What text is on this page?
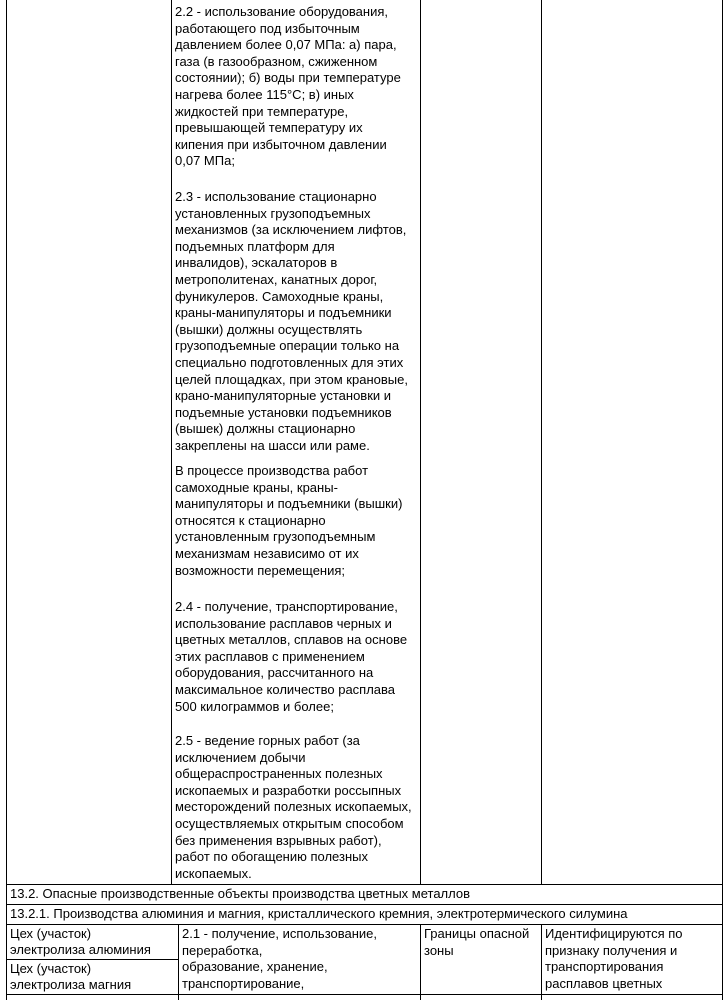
2.2 - использование оборудования,
работающего под избыточным
давлением более 0,07 МПа: а) пара,
газа (в газообразном, сжиженном
состоянии); б) воды при температуре
нагрева более 115°С; в) иных
жидкостей при температуре,
превышающей температуру их
кипения при избыточном давлении
0,07 МПа;
2.3 - использование стационарно
установленных грузоподъемных
механизмов (за исключением лифтов,
подъемных платформ для
инвалидов), эскалаторов в
метрополитенах, канатных дорог,
фуникулеров. Самоходные краны,
краны-манипуляторы и подъемники
(вышки) должны осуществлять
грузоподъемные операции только на
специально подготовленных для этих
целей площадках, при этом крановые,
крано-манипуляторные установки и
подъемные установки подъемников
(вышек) должны стационарно
закреплены на шасси или раме.
В процессе производства работ
самоходные краны, краны-
манипуляторы и подъемники (вышки)
относятся к стационарно
установленным грузоподъемным
механизмам независимо от их
возможности перемещения;
2.4 - получение, транспортирование,
использование расплавов черных и
цветных металлов, сплавов на основе
этих расплавов с применением
оборудования, рассчитанного на
максимальное количество расплава
500 килограммов и более;
2.5 - ведение горных работ (за
исключением добычи
общераспространенных полезных
ископаемых и разработки россыпных
месторождений полезных ископаемых,
осуществляемых открытым способом
без применения взрывных работ),
работ по обогащению полезных
ископаемых.
13.2. Опасные производственные объекты производства цветных металлов
13.2.1. Производства алюминия и магния, кристаллического кремния, электротермического силумина
Цех (участок)
электролиза алюминия
Цех (участок)
электролиза магния
2.1 - получение, использование,
переработка,
образование, хранение,
транспортирование,
Границы опасной
зоны
Идентифицируются по
признаку получения и
транспортирования
расплавов цветных
